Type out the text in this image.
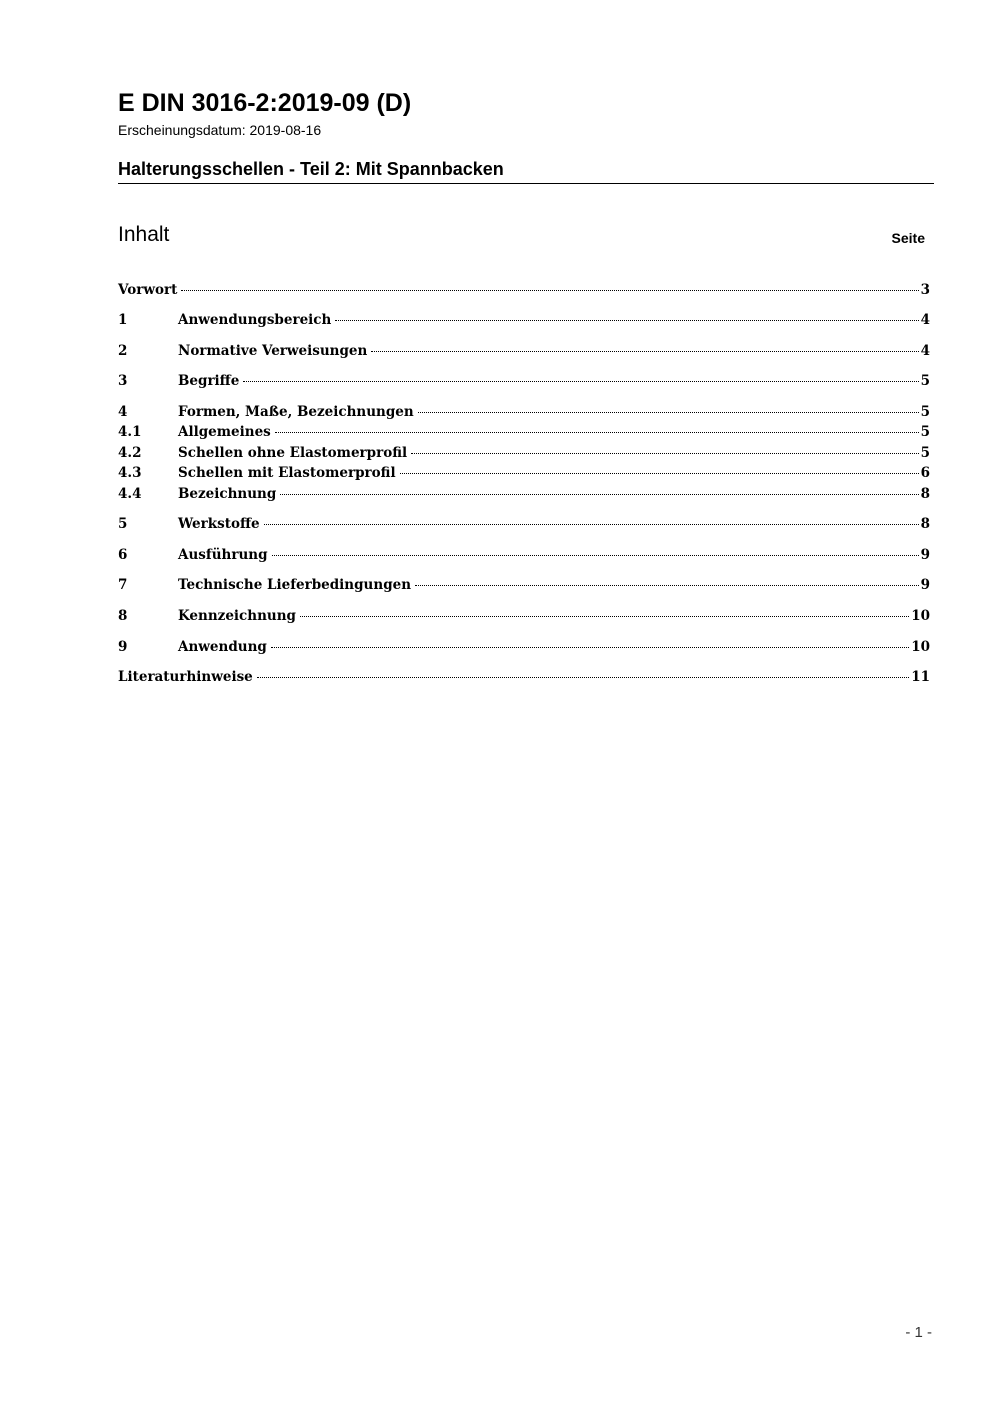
E DIN 3016-2:2019-09 (D)
Erscheinungsdatum: 2019-08-16
Halterungsschellen - Teil 2: Mit Spannbacken
Inhalt	Seite
Vorwort	3
1	Anwendungsbereich	4
2	Normative Verweisungen	4
3	Begriffe	5
4	Formen, Maße, Bezeichnungen	5
4.1	Allgemeines	5
4.2	Schellen ohne Elastomerprofil	5
4.3	Schellen mit Elastomerprofil	6
4.4	Bezeichnung	8
5	Werkstoffe	8
6	Ausführung	9
7	Technische Lieferbedingungen	9
8	Kennzeichnung	10
9	Anwendung	10
Literaturhinweise	11
- 1 -
